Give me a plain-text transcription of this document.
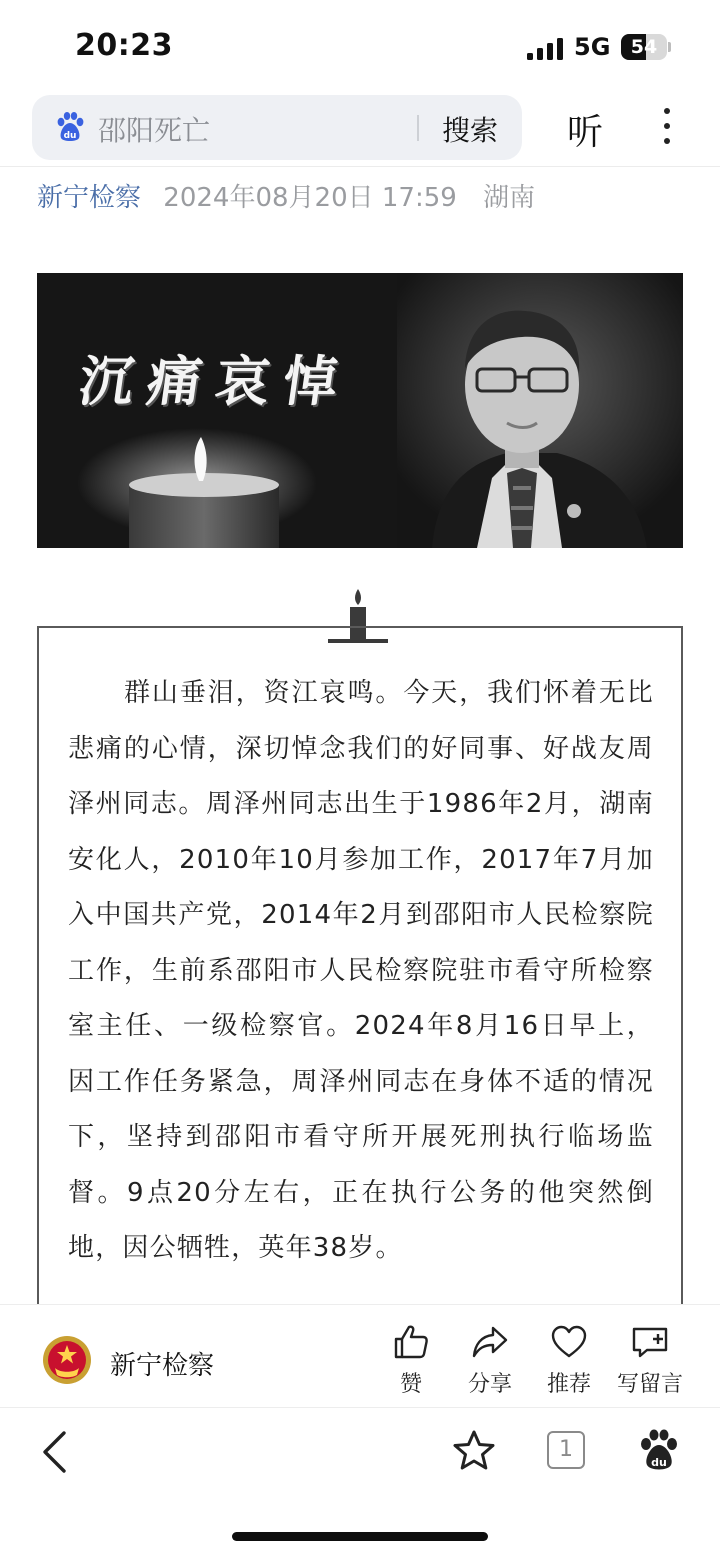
20:23	5G	54
du 邵阳死亡	搜索 听
新宁检察 2024年08月20日 17:59 湖南
沉痛哀悼

群山垂泪，资江哀鸣。今天，我们怀着无比悲痛的心情，深切悼念我们的好同事、好战友周泽州同志。周泽州同志出生于1986年2月，湖南安化人，2010年10月参加工作，2017年7月加入中国共产党，2014年2月到邵阳市人民检察院工作，生前系邵阳市人民检察院驻市看守所检察室主任、一级检察官。2024年8月16日早上，因工作任务紧急，周泽州同志在身体不适的情况下，坚持到邵阳市看守所开展死刑执行临场监督。9点20分左右，正在执行公务的他突然倒地，因公牺牲，英年38岁。

新宁检察
赞	分享	推荐	写留言
1
du
